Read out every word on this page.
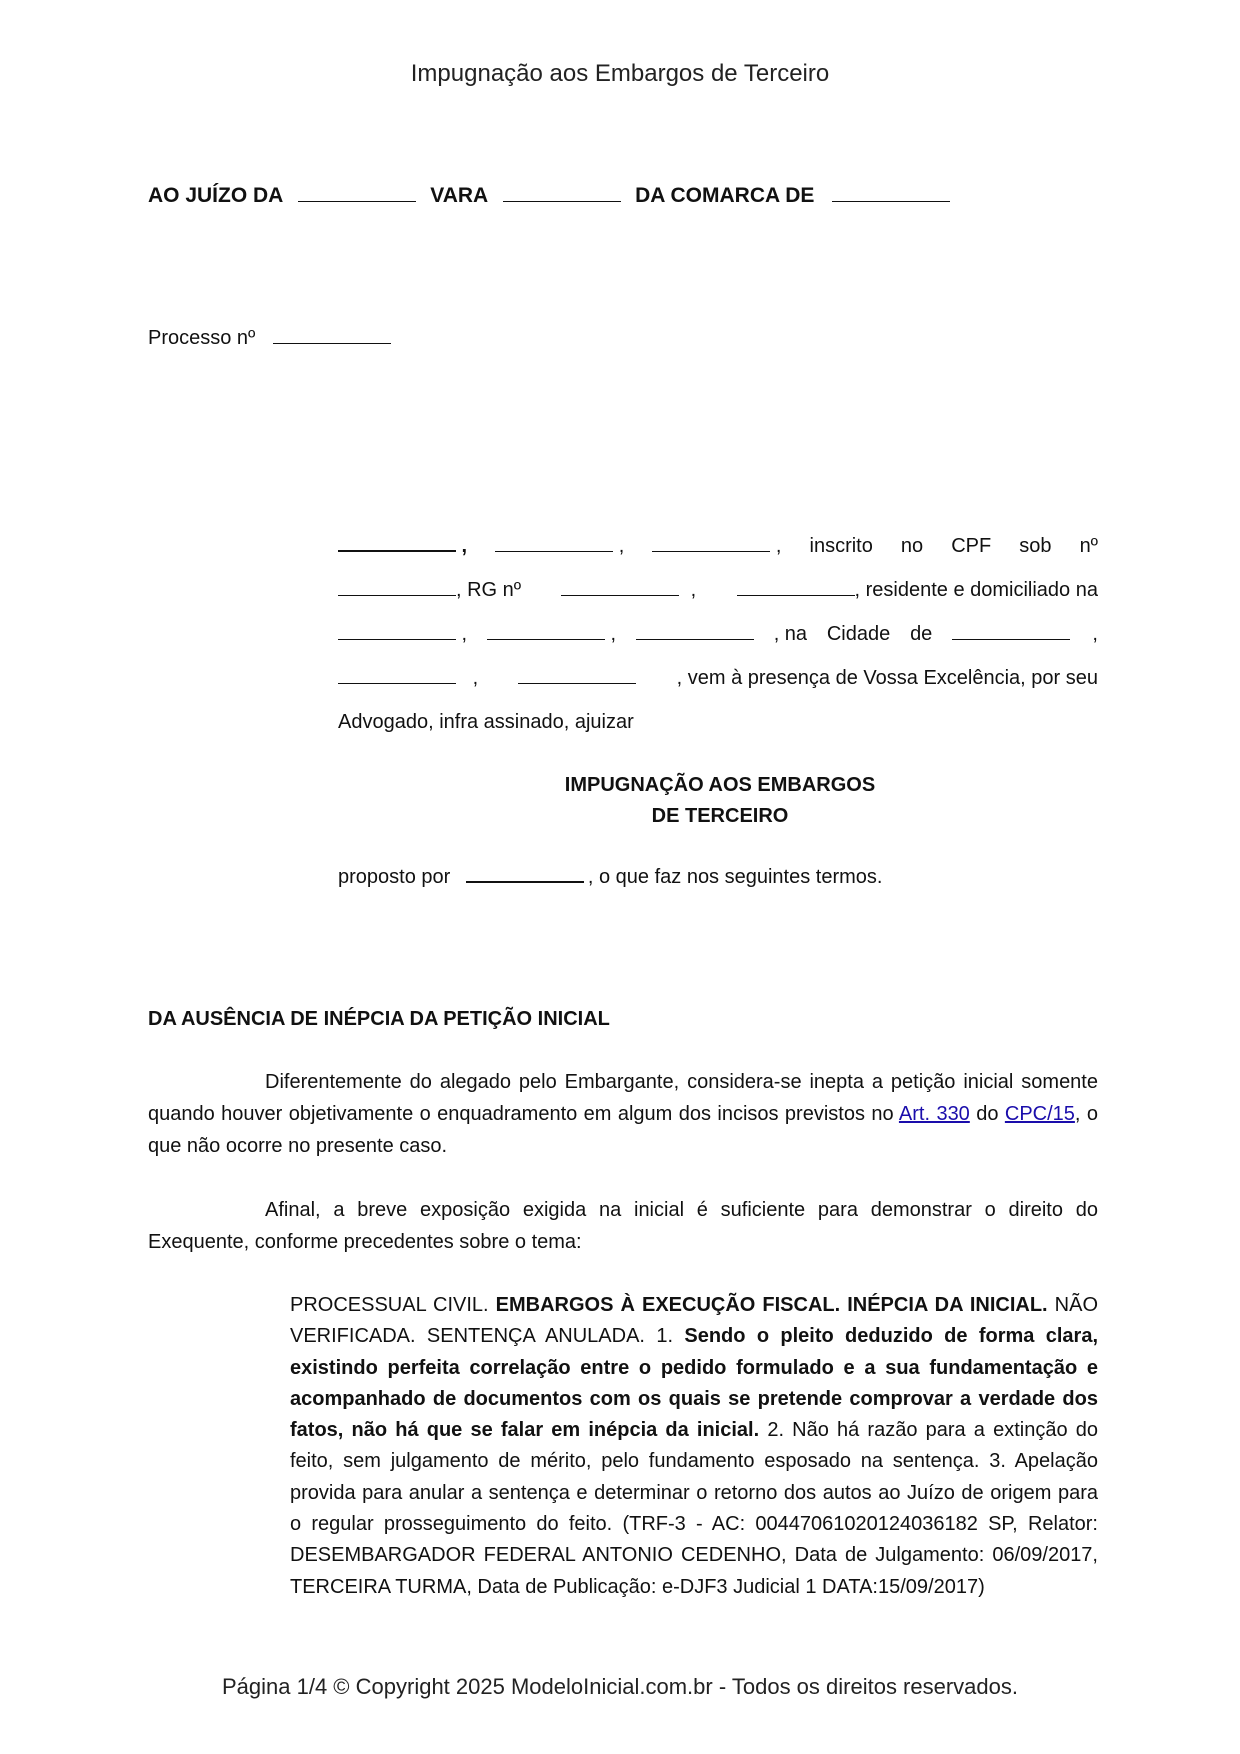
Impugnação aos Embargos de Terceiro
AO JUÍZO DA	VARA	DA COMARCA DE
Processo nº
,	,	, inscrito no CPF sob nº
, RG nº	,	, residente e domiciliado na
,	,	, na Cidade de	,
,	, vem à presença de Vossa Excelência, por seu
Advogado, infra assinado, ajuizar
IMPUGNAÇÃO AOS EMBARGOS
DE TERCEIRO
proposto por	, o que faz nos seguintes termos.
DA AUSÊNCIA DE INÉPCIA DA PETIÇÃO INICIAL
Diferentemente do alegado pelo Embargante, considera-se inepta a petição inicial somente quando houver objetivamente o enquadramento em algum dos incisos previstos no Art. 330 do CPC/15, o que não ocorre no presente caso.
Afinal, a breve exposição exigida na inicial é suficiente para demonstrar o direito do Exequente, conforme precedentes sobre o tema:
PROCESSUAL CIVIL. EMBARGOS À EXECUÇÃO FISCAL. INÉPCIA DA INICIAL. NÃO VERIFICADA. SENTENÇA ANULADA. 1. Sendo o pleito deduzido de forma clara, existindo perfeita correlação entre o pedido formulado e a sua fundamentação e acompanhado de documentos com os quais se pretende comprovar a verdade dos fatos, não há que se falar em inépcia da inicial. 2. Não há razão para a extinção do feito, sem julgamento de mérito, pelo fundamento esposado na sentença. 3. Apelação provida para anular a sentença e determinar o retorno dos autos ao Juízo de origem para o regular prosseguimento do feito. (TRF-3 - AC: 00447061020124036182 SP, Relator: DESEMBARGADOR FEDERAL ANTONIO CEDENHO, Data de Julgamento: 06/09/2017, TERCEIRA TURMA, Data de Publicação: e-DJF3 Judicial 1 DATA:15/09/2017)
Página 1/4 © Copyright 2025 ModeloInicial.com.br - Todos os direitos reservados.
